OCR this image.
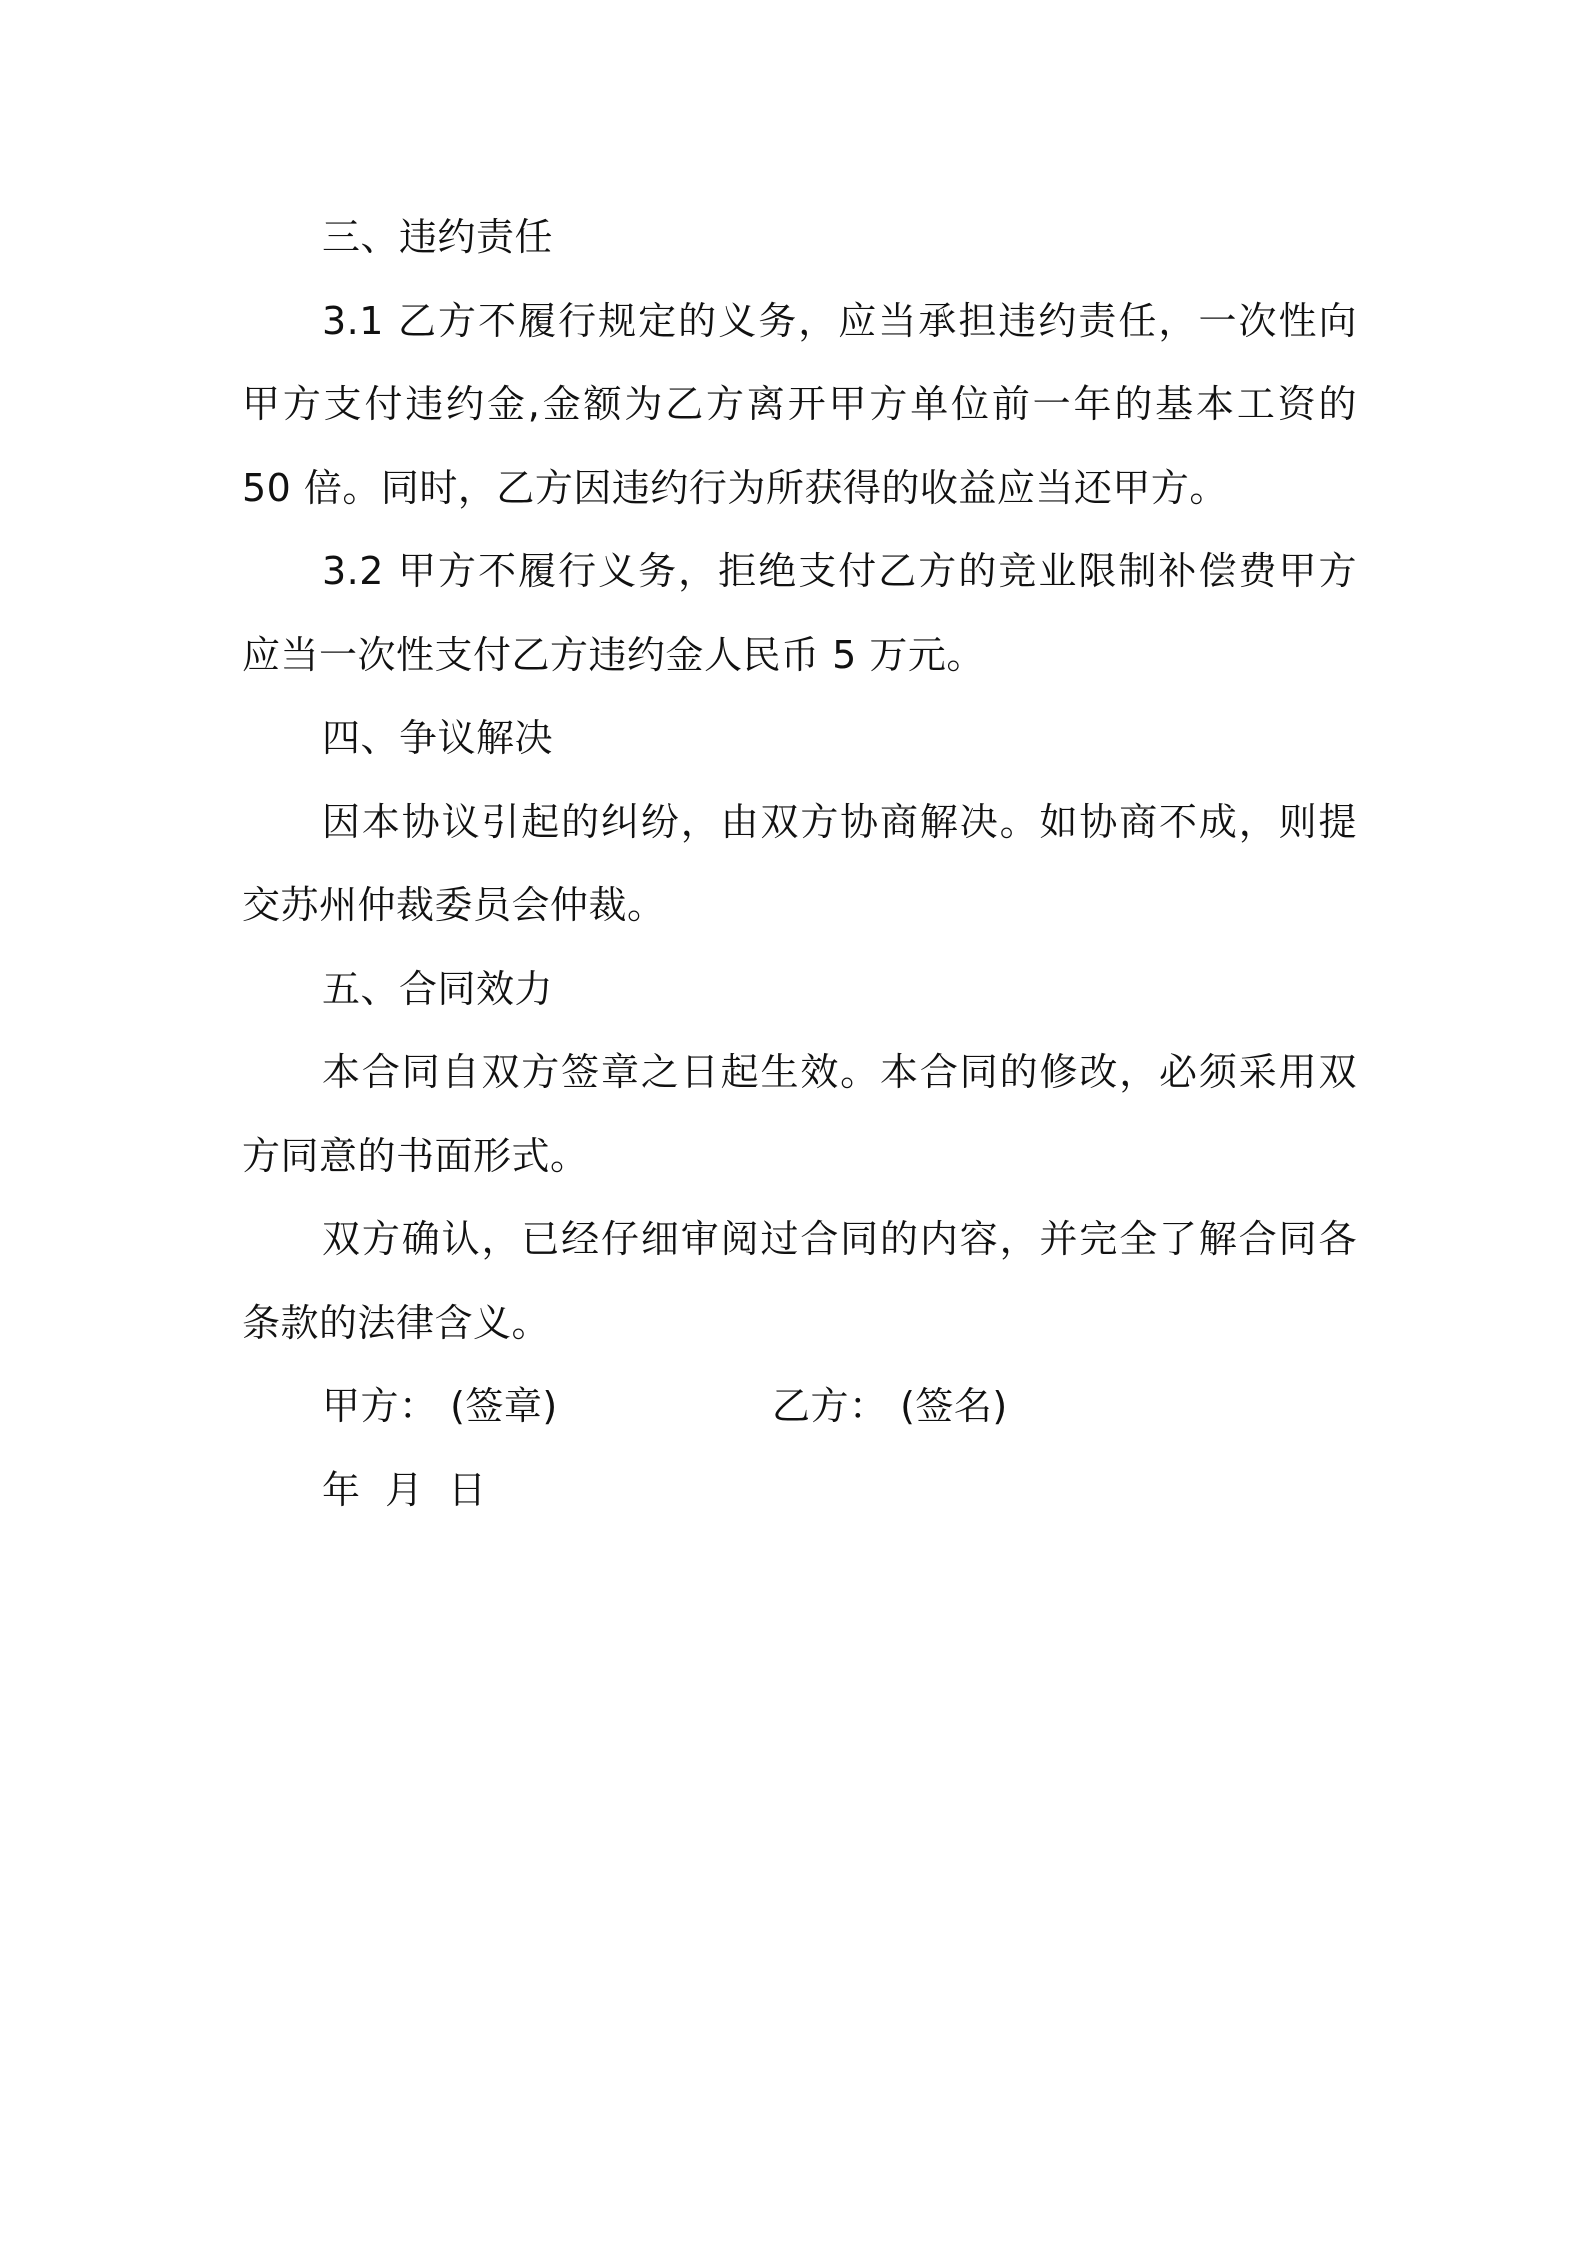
三、违约责任
3.1 乙方不履行规定的义务，应当承担违约责任，一次性向
甲方支付违约金,金额为乙方离开甲方单位前一年的基本工资的
50 倍。同时，乙方因违约行为所获得的收益应当还甲方。
3.2 甲方不履行义务，拒绝支付乙方的竞业限制补偿费甲方
应当一次性支付乙方违约金人民币 5 万元。
四、争议解决
因本协议引起的纠纷，由双方协商解决。如协商不成，则提
交苏州仲裁委员会仲裁。
五、合同效力
本合同自双方签章之日起生效。本合同的修改，必须采用双
方同意的书面形式。
双方确认，已经仔细审阅过合同的内容，并完全了解合同各
条款的法律含义。
甲方： (签章)	乙方： (签名)
年 月 日
